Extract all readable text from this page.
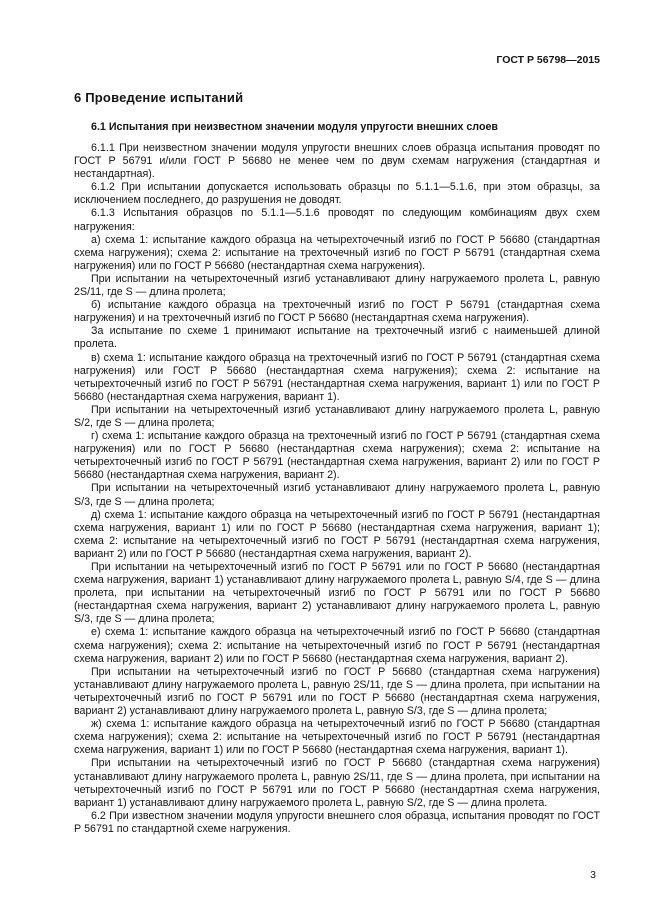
ГОСТ Р 56798—2015
6 Проведение испытаний
6.1 Испытания при неизвестном значении модуля упругости внешних слоев

6.1.1 При неизвестном значении модуля упругости внешних слоев образца испытания проводят по ГОСТ Р 56791 и/или ГОСТ Р 56680 не менее чем по двум схемам нагружения (стандартная и нестандартная).

6.1.2 При испытании допускается использовать образцы по 5.1.1—5.1.6, при этом образцы, за исключением последнего, до разрушения не доводят.

6.1.3 Испытания образцов по 5.1.1—5.1.6 проводят по следующим комбинациям двух схем нагружения:

а) схема 1: испытание каждого образца на четырехточечный изгиб по ГОСТ Р 56680 (стандартная схема нагружения); схема 2: испытание на трехточечный изгиб по ГОСТ Р 56791 (стандартная схема нагружения) или по ГОСТ Р 56680 (нестандартная схема нагружения).

При испытании на четырехточечный изгиб устанавливают длину нагружаемого пролета L, равную 2S/11, где S — длина пролета;

б) испытание каждого образца на трехточечный изгиб по ГОСТ Р 56791 (стандартная схема нагружения) и на трехточечный изгиб по ГОСТ Р 56680 (нестандартная схема нагружения).

За испытание по схеме 1 принимают испытание на трехточечный изгиб с наименьшей длиной пролета.

в) схема 1: испытание каждого образца на трехточечный изгиб по ГОСТ Р 56791 (стандартная схема нагружения) или ГОСТ Р 56680 (нестандартная схема нагружения); схема 2: испытание на четырехточечный изгиб по ГОСТ Р 56791 (нестандартная схема нагружения, вариант 1) или по ГОСТ Р 56680 (нестандартная схема нагружения, вариант 1).

При испытании на четырехточечный изгиб устанавливают длину нагружаемого пролета L, равную S/2, где S — длина пролета;

г) схема 1: испытание каждого образца на трехточечный изгиб по ГОСТ Р 56791 (стандартная схема нагружения) или по ГОСТ Р 56680 (нестандартная схема нагружения); схема 2: испытание на четырехточечный изгиб по ГОСТ Р 56791 (нестандартная схема нагружения, вариант 2) или по ГОСТ Р 56680 (нестандартная схема нагружения, вариант 2).

При испытании на четырехточечный изгиб устанавливают длину нагружаемого пролета L, равную S/3, где S — длина пролета;

д) схема 1: испытание каждого образца на четырехточечный изгиб по ГОСТ Р 56791 (нестандартная схема нагружения, вариант 1) или по ГОСТ Р 56680 (нестандартная схема нагружения, вариант 1); схема 2: испытание на четырехточечный изгиб по ГОСТ Р 56791 (нестандартная схема нагружения, вариант 2) или по ГОСТ Р 56680 (нестандартная схема нагружения, вариант 2).

При испытании на четырехточечный изгиб по ГОСТ Р 56791 или по ГОСТ Р 56680 (нестандартная схема нагружения, вариант 1) устанавливают длину нагружаемого пролета L, равную S/4, где S — длина пролета, при испытании на четырехточечный изгиб по ГОСТ Р 56791 или по ГОСТ Р 56680 (нестандартная схема нагружения, вариант 2) устанавливают длину нагружаемого пролета L, равную S/3, где S — длина пролета;

е) схема 1: испытание каждого образца на четырехточечный изгиб по ГОСТ Р 56680 (стандартная схема нагружения); схема 2: испытание на четырехточечный изгиб по ГОСТ Р 56791 (нестандартная схема нагружения, вариант 2) или по ГОСТ Р 56680 (нестандартная схема нагружения, вариант 2).

При испытании на четырехточечный изгиб по ГОСТ Р 56680 (стандартная схема нагружения) устанавливают длину нагружаемого пролета L, равную 2S/11, где S — длина пролета, при испытании на четырехточечный изгиб по ГОСТ Р 56791 или по ГОСТ Р 56680 (нестандартная схема нагружения, вариант 2) устанавливают длину нагружаемого пролета L, равную S/3, где S — длина пролета;

ж) схема 1: испытание каждого образца на четырехточечный изгиб по ГОСТ Р 56680 (стандартная схема нагружения); схема 2: испытание на четырехточечный изгиб по ГОСТ Р 56791 (нестандартная схема нагружения, вариант 1) или по ГОСТ Р 56680 (нестандартная схема нагружения, вариант 1).

При испытании на четырехточечный изгиб по ГОСТ Р 56680 (стандартная схема нагружения) устанавливают длину нагружаемого пролета L, равную 2S/11, где S — длина пролета, при испытании на четырехточечный изгиб по ГОСТ Р 56791 или по ГОСТ Р 56680 (нестандартная схема нагружения, вариант 1) устанавливают длину нагружаемого пролета L, равную S/2, где S — длина пролета.

6.2 При известном значении модуля упругости внешнего слоя образца, испытания проводят по ГОСТ Р 56791 по стандартной схеме нагружения.

3
